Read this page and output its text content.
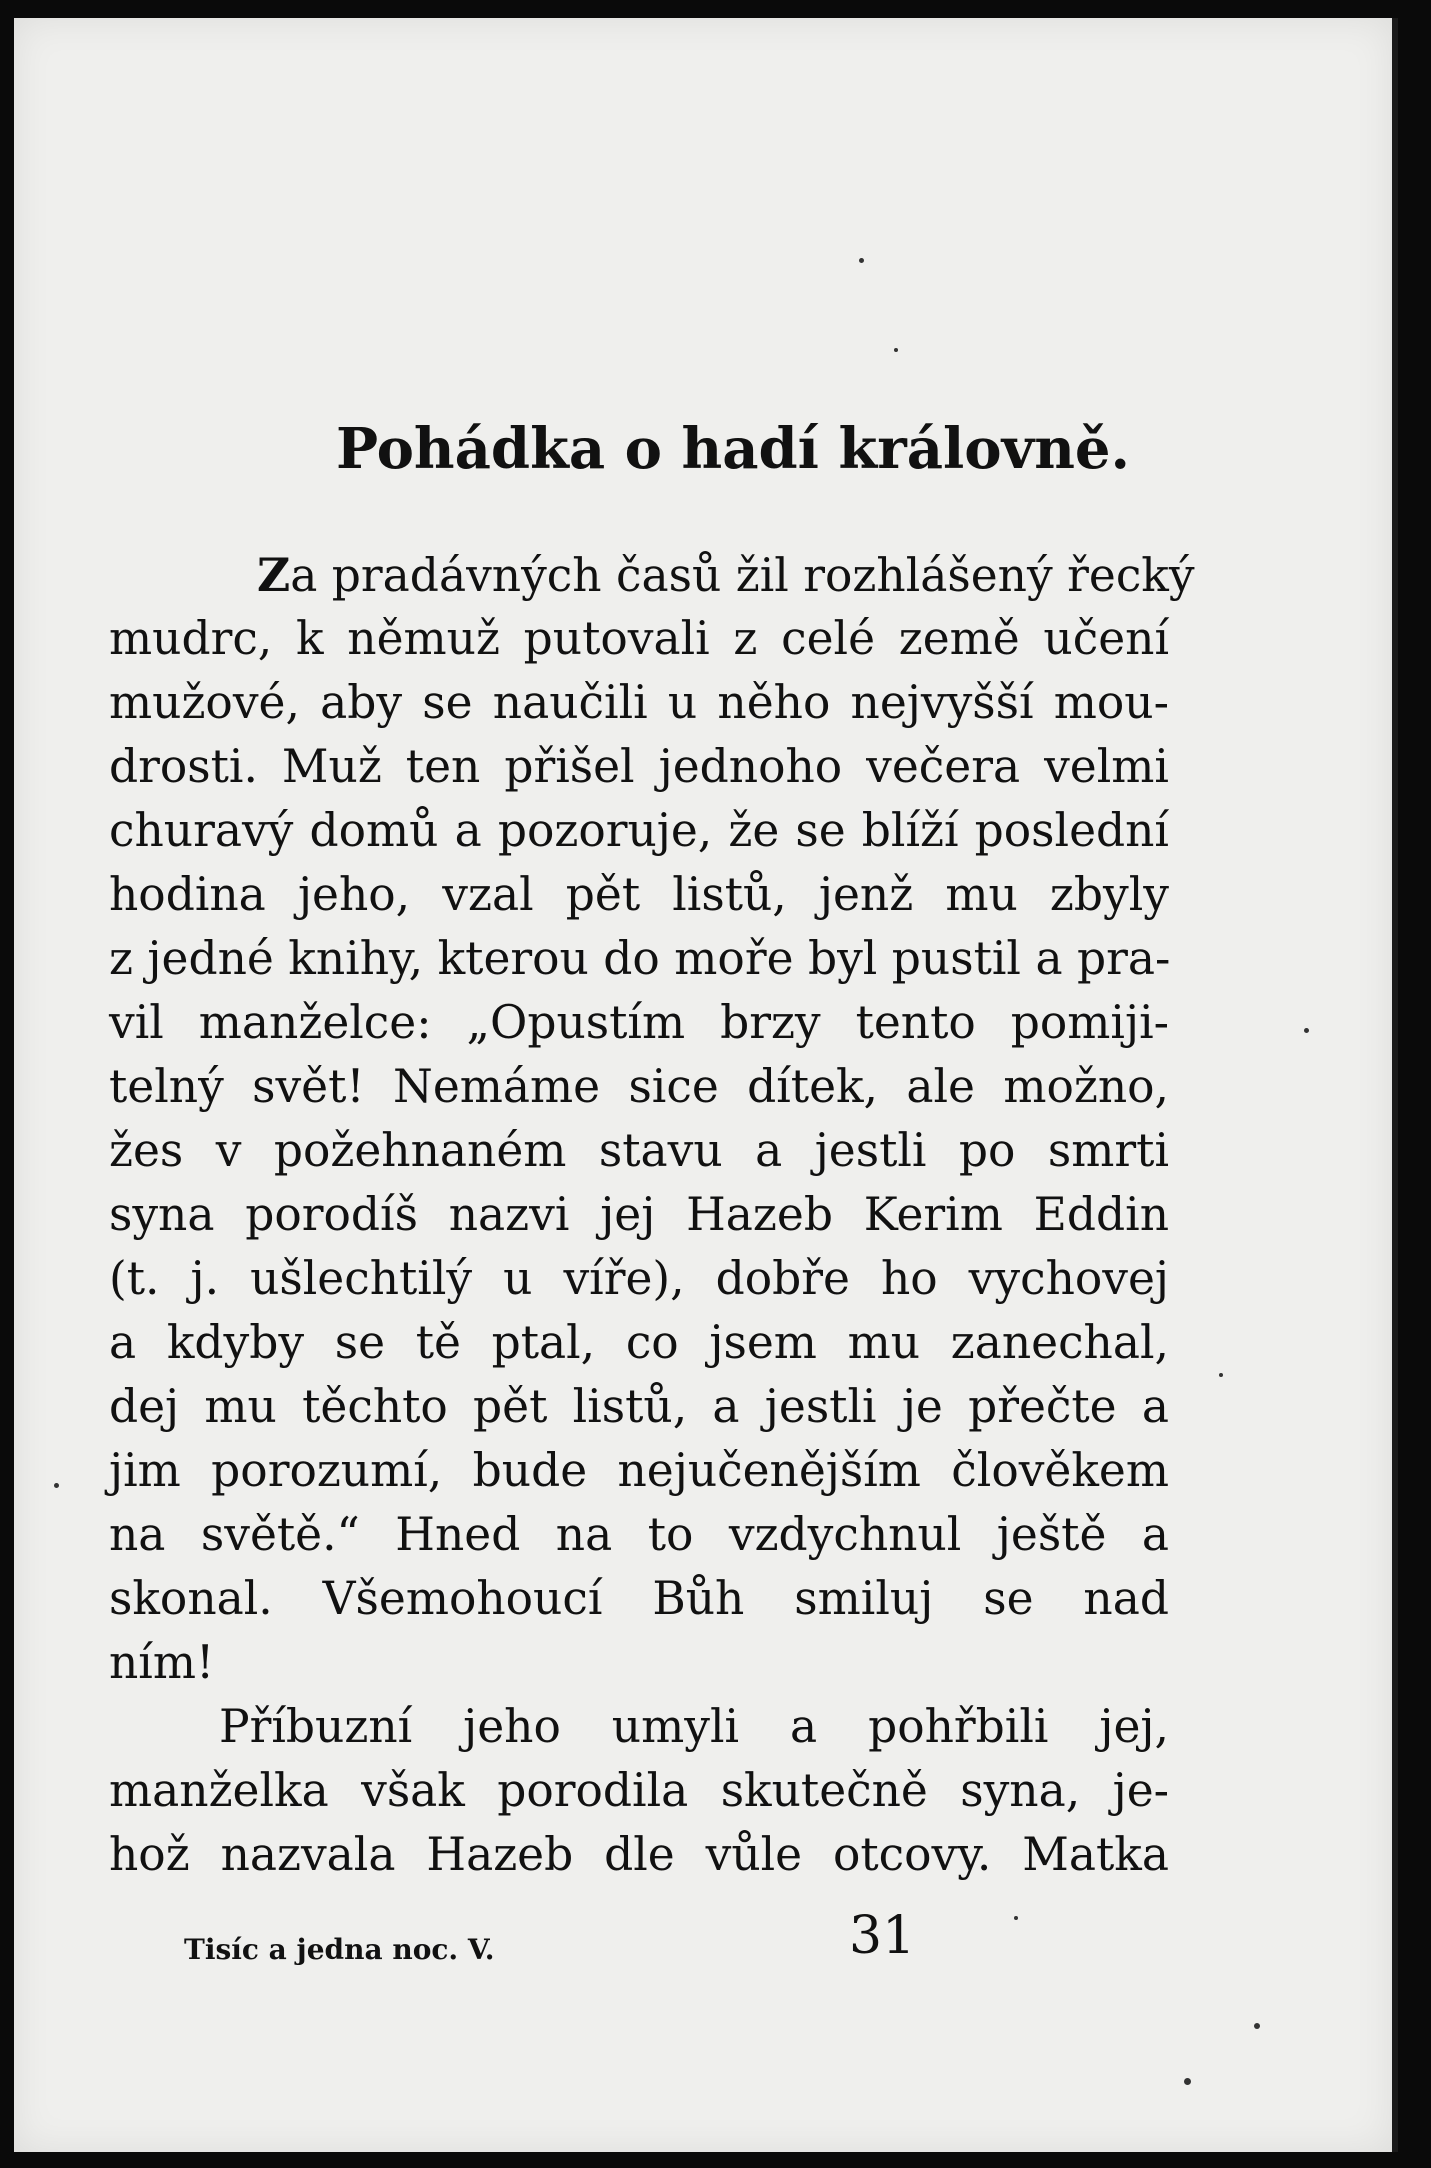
Pohádka o hadí královně.
Za pradávných časů žil rozhlášený řecký
mudrc, k němuž putovali z celé země učení
mužové, aby se naučili u něho nejvyšší mou-
drosti. Muž ten přišel jednoho večera velmi
churavý domů a pozoruje, že se blíží poslední
hodina jeho, vzal pět listů, jenž mu zbyly
z jedné knihy, kterou do moře byl pustil a pra-
vil manželce: „Opustím brzy tento pomiji-
telný svět! Nemáme sice dítek, ale možno,
žes v požehnaném stavu a jestli po smrti
syna porodíš nazvi jej Hazeb Kerim Eddin
(t. j. ušlechtilý u víře), dobře ho vychovej
a kdyby se tě ptal, co jsem mu zanechal,
dej mu těchto pět listů, a jestli je přečte a
jim porozumí, bude nejučenějším člověkem
na světě.“ Hned na to vzdychnul ještě a
skonal. Všemohoucí Bůh smiluj se nad
ním!
Příbuzní jeho umyli a pohřbili jej,
manželka však porodila skutečně syna, je-
hož nazvala Hazeb dle vůle otcovy. Matka
Tisíc a jedna noc. V.	31
